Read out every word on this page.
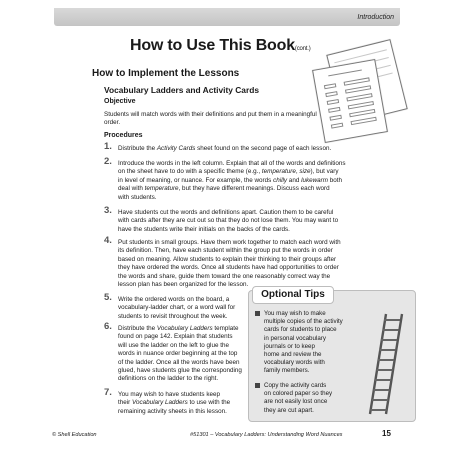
Introduction
How to Use This Book(cont.)
How to Implement the Lessons
Vocabulary Ladders and Activity Cards
Objective
Students will match words with their definitions and put them in a meaningful order.
Procedures
1. Distribute the Activity Cards sheet found on the second page of each lesson.
2. Introduce the words in the left column. Explain that all of the words and definitions
on the sheet have to do with a specific theme (e.g., temperature, size), but vary
in level of meaning, or nuance. For example, the words chilly and lukewarm both
deal with temperature, but they have different meanings. Discuss each word
with students.
3. Have students cut the words and definitions apart. Caution them to be careful
with cards after they are cut out so that they do not lose them. You may want to
have the students write their initials on the backs of the cards.
4. Put students in small groups. Have them work together to match each word with
its definition. Then, have each student within the group put the words in order
based on meaning. Allow students to explain their thinking to their groups after
they have ordered the words. Once all students have had opportunities to order
the words and share, guide them toward the one reasonably correct way the
lesson plan has been organized for the lesson.
5. Write the ordered words on the board, a
vocabulary-ladder chart, or a word wall for
students to revisit throughout the week.
6. Distribute the Vocabulary Ladders template
found on page 142. Explain that students
will use the ladder on the left to glue the
words in nuance order beginning at the top
of the ladder. Once all the words have been
glued, have students glue the corresponding
definitions on the ladder to the right.
7. You may wish to have students keep
their Vocabulary Ladders to use with the
remaining activity sheets in this lesson.
Optional Tips
You may wish to make
multiple copies of the activity
cards for students to place
in personal vocabulary
journals or to keep
home and review the
vocabulary words with
family members.
Copy the activity cards
on colored paper so they
are not easily lost once
they are cut apart.
© Shell Education	#51301 – Vocabulary Ladders: Understanding Word Nuances	15
